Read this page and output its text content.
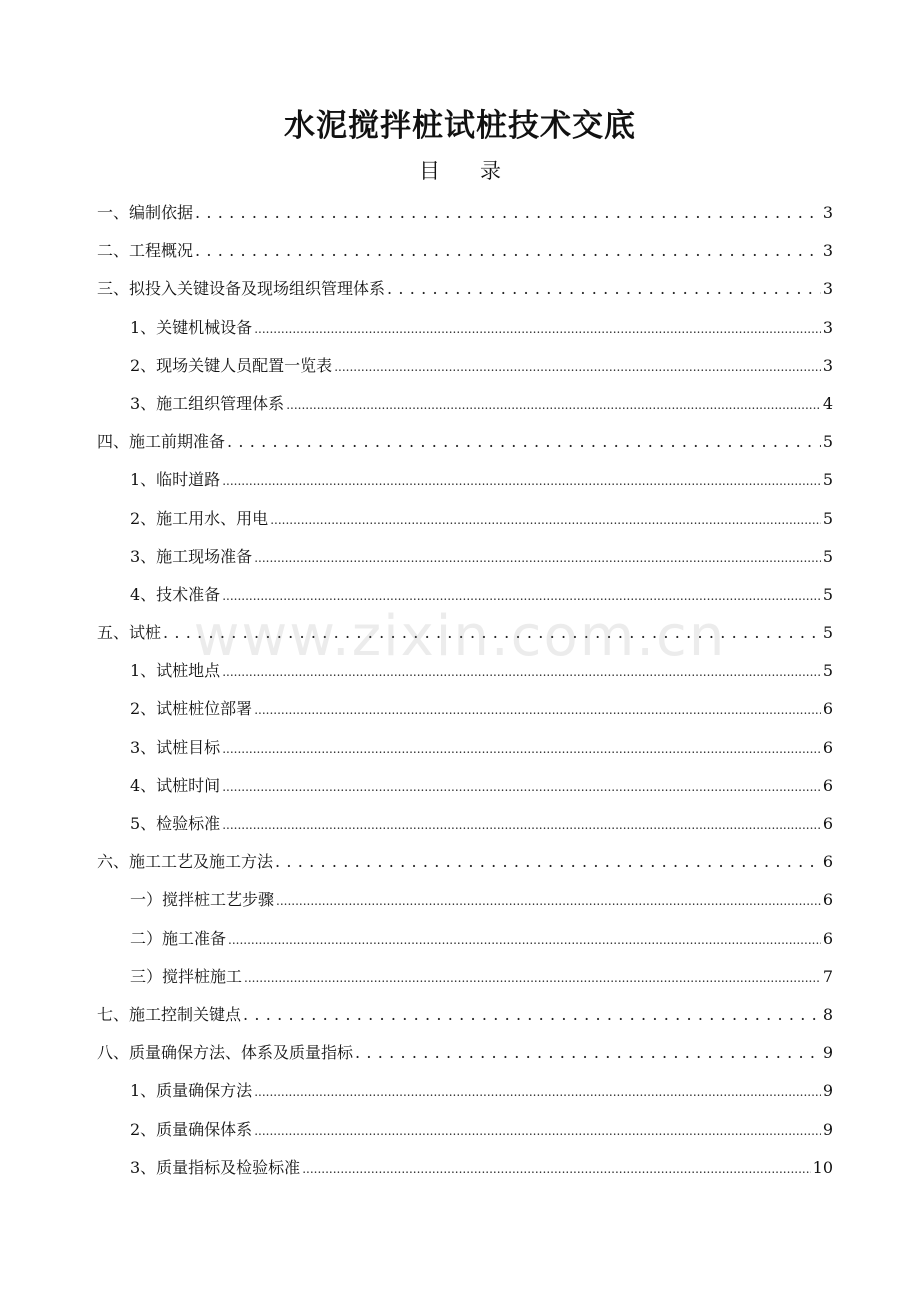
水泥搅拌桩试桩技术交底
目录
一、编制依据 . . .	3
二、工程概况 . . .	3
三、拟投入关键设备及现场组织管理体系 . . .	3
1、关键机械设备 .....	3
2、现场关键人员配置一览表 .....	3
3、施工组织管理体系 .....	4
四、施工前期准备 . . .	5
1、临时道路 .....	5
2、施工用水、用电 .....	5
3、施工现场准备 .....	5
4、技术准备 .....	5
五、试桩 . . .	5
1、试桩地点 .....	5
2、试桩桩位部署 .....	6
3、试桩目标 .....	6
4、试桩时间 .....	6
5、检验标准 .....	6
六、施工工艺及施工方法 . . .	6
一）搅拌桩工艺步骤 .....	6
二）施工准备 .....	6
三）搅拌桩施工 .....	7
七、施工控制关键点 . . .	8
八、质量确保方法、体系及质量指标 . . .	9
1、质量确保方法 .....	9
2、质量确保体系 .....	9
3、质量指标及检验标准 .....	10
www.zixin.com.cn
